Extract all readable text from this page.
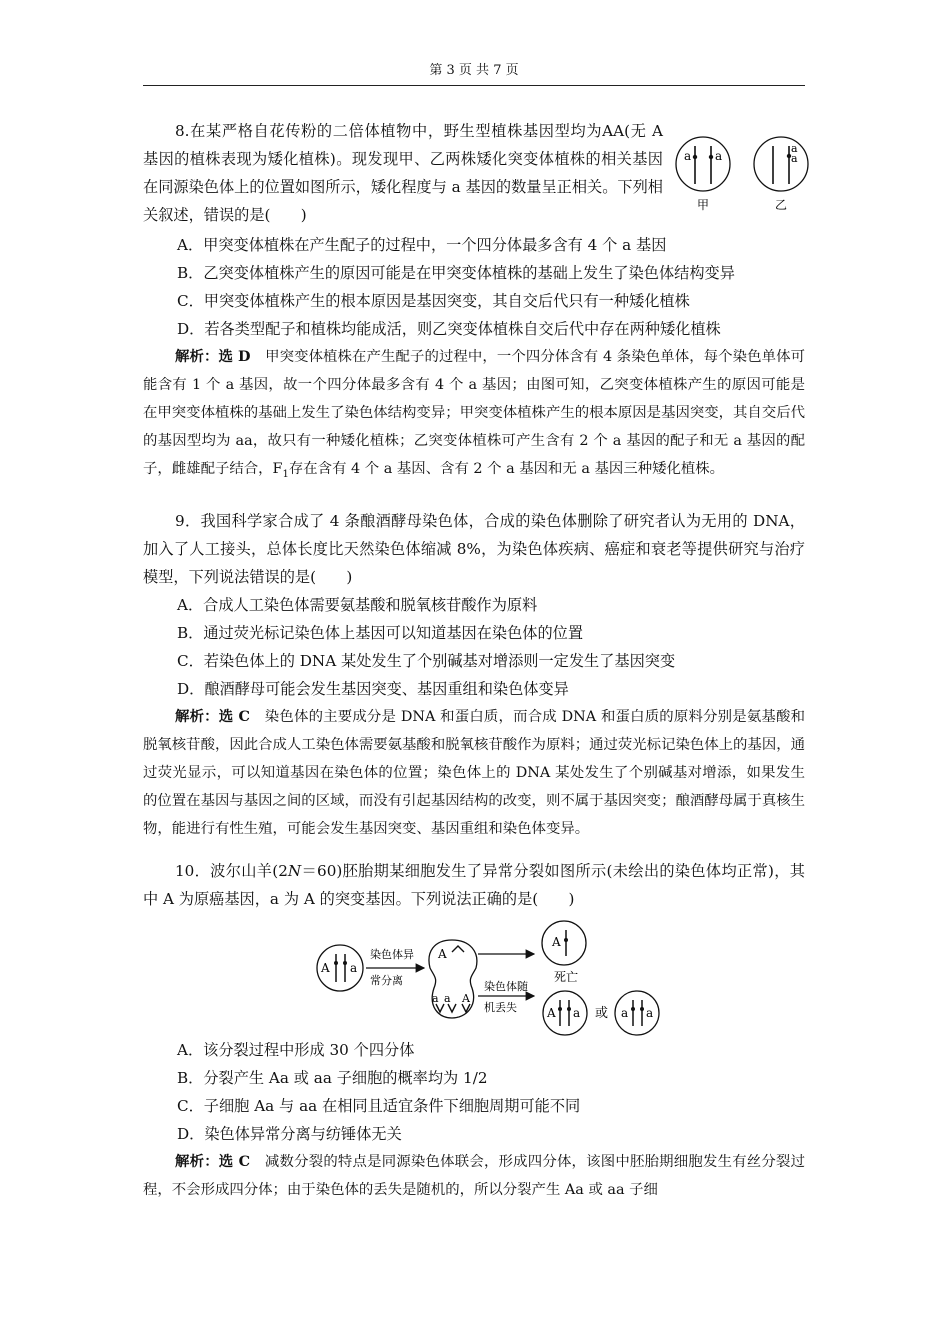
第 3 页 共 7 页

8.在某严格自花传粉的二倍体植物中，野生型植株基因型均为AA(无 A 基因的植株表现为矮化植株)。现发现甲、乙两株矮化突变体植株的相关基因在同源染色体上的位置如图所示，矮化程度与 a 基因的数量呈正相关。下列相关叙述，错误的是(　　)

a a
甲
a
a
乙

A．甲突变体植株在产生配子的过程中，一个四分体最多含有 4 个 a 基因

B．乙突变体植株产生的原因可能是在甲突变体植株的基础上发生了染色体结构变异

C．甲突变体植株产生的根本原因是基因突变，其自交后代只有一种矮化植株

D．若各类型配子和植株均能成活，则乙突变体植株自交后代中存在两种矮化植株

解析：选 D　甲突变体植株在产生配子的过程中，一个四分体含有 4 条染色单体，每个染色单体可能含有 1 个 a 基因，故一个四分体最多含有 4 个 a 基因；由图可知，乙突变体植株产生的原因可能是在甲突变体植株的基础上发生了染色体结构变异；甲突变体植株产生的根本原因是基因突变，其自交后代的基因型均为 aa，故只有一种矮化植株；乙突变体植株可产生含有 2 个 a 基因的配子和无 a 基因的配子，雌雄配子结合，$F_1$存在含有 4 个 a 基因、含有 2 个 a 基因和无 a 基因三种矮化植株。

9．我国科学家合成了 4 条酿酒酵母染色体，合成的染色体删除了研究者认为无用的 DNA，加入了人工接头，总体长度比天然染色体缩减 8%，为染色体疾病、癌症和衰老等提供研究与治疗模型，下列说法错误的是(　　)

A．合成人工染色体需要氨基酸和脱氧核苷酸作为原料

B．通过荧光标记染色体上基因可以知道基因在染色体的位置

C．若染色体上的 DNA 某处发生了个别碱基对增添则一定发生了基因突变

D．酿酒酵母可能会发生基因突变、基因重组和染色体变异

解析：选 C　染色体的主要成分是 DNA 和蛋白质，而合成 DNA 和蛋白质的原料分别是氨基酸和脱氧核苷酸，因此合成人工染色体需要氨基酸和脱氧核苷酸作为原料；通过荧光标记染色体上的基因，通过荧光显示，可以知道基因在染色体的位置；染色体上的 DNA 某处发生了个别碱基对增添，如果发生的位置在基因与基因之间的区域，而没有引起基因结构的改变，则不属于基因突变；酿酒酵母属于真核生物，能进行有性生殖，可能会发生基因突变、基因重组和染色体变异。

10．波尔山羊(2N＝60)胚胎期某细胞发生了异常分裂如图所示(未绘出的染色体均正常)，其中 A 为原癌基因，a 为 A 的突变基因。下列说法正确的是(　　)

A a
染色体异
常分离
A
a a A
染色体随
机丢失
A
死亡
A a 或 a a

A．该分裂过程中形成 30 个四分体

B．分裂产生 Aa 或 aa 子细胞的概率均为 1/2

C．子细胞 Aa 与 aa 在相同且适宜条件下细胞周期可能不同

D．染色体异常分离与纺锤体无关

解析：选 C　减数分裂的特点是同源染色体联会，形成四分体，该图中胚胎期细胞发生有丝分裂过程，不会形成四分体；由于染色体的丢失是随机的，所以分裂产生 Aa 或 aa 子细
